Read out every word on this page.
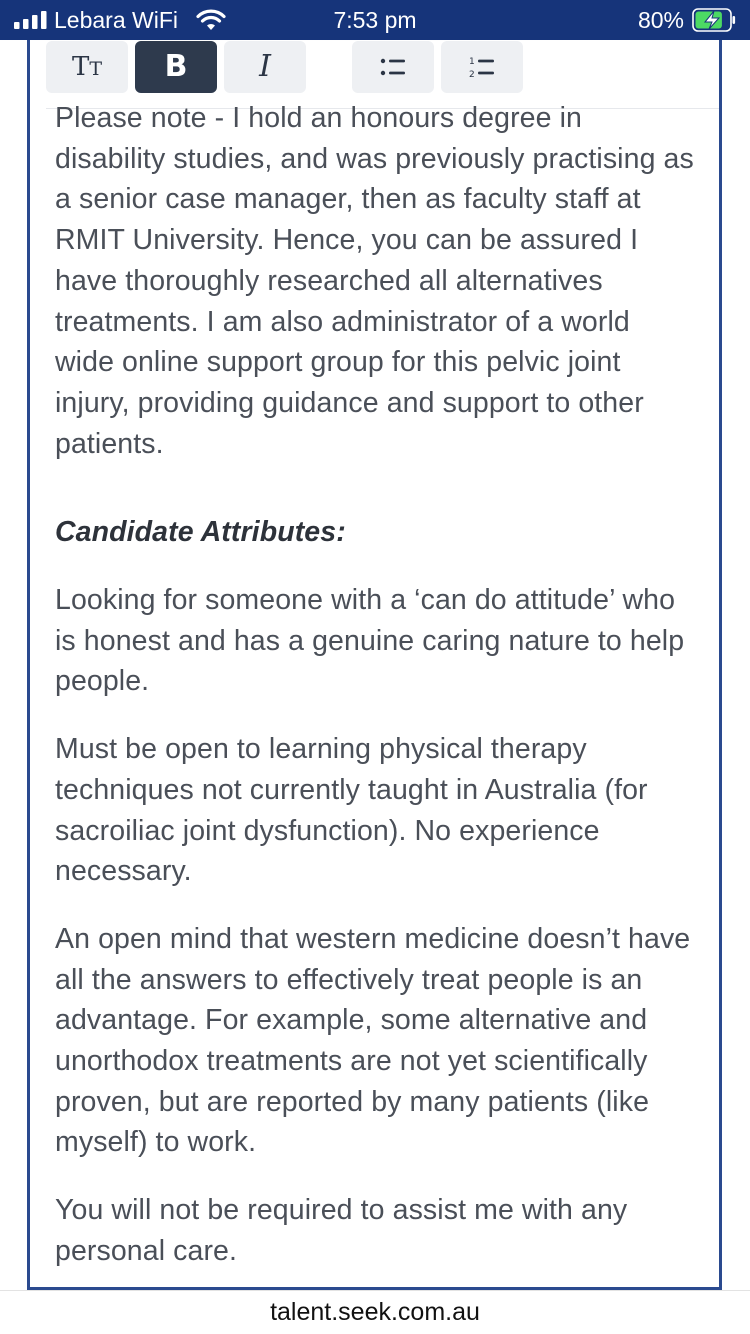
Lebara WiFi	7:53 pm	80%
TT B I	1
2

Please note - I hold an honours degree in disability studies, and was previously practising as a senior case manager, then as faculty staff at RMIT University. Hence, you can be assured I have thoroughly researched all alternatives treatments. I am also administrator of a world wide online support group for this pelvic joint injury, providing guidance and support to other patients.

Candidate Attributes:

Looking for someone with a ‘can do attitude’ who is honest and has a genuine caring nature to help people.

Must be open to learning physical therapy techniques not currently taught in Australia (for sacroiliac joint dysfunction). No experience necessary.

An open mind that western medicine doesn’t have all the answers to effectively treat people is an advantage. For example, some alternative and unorthodox treatments are not yet scientifically proven, but are reported by many patients (like myself) to work.

You will not be required to assist me with any personal care.

talent.seek.com.au
